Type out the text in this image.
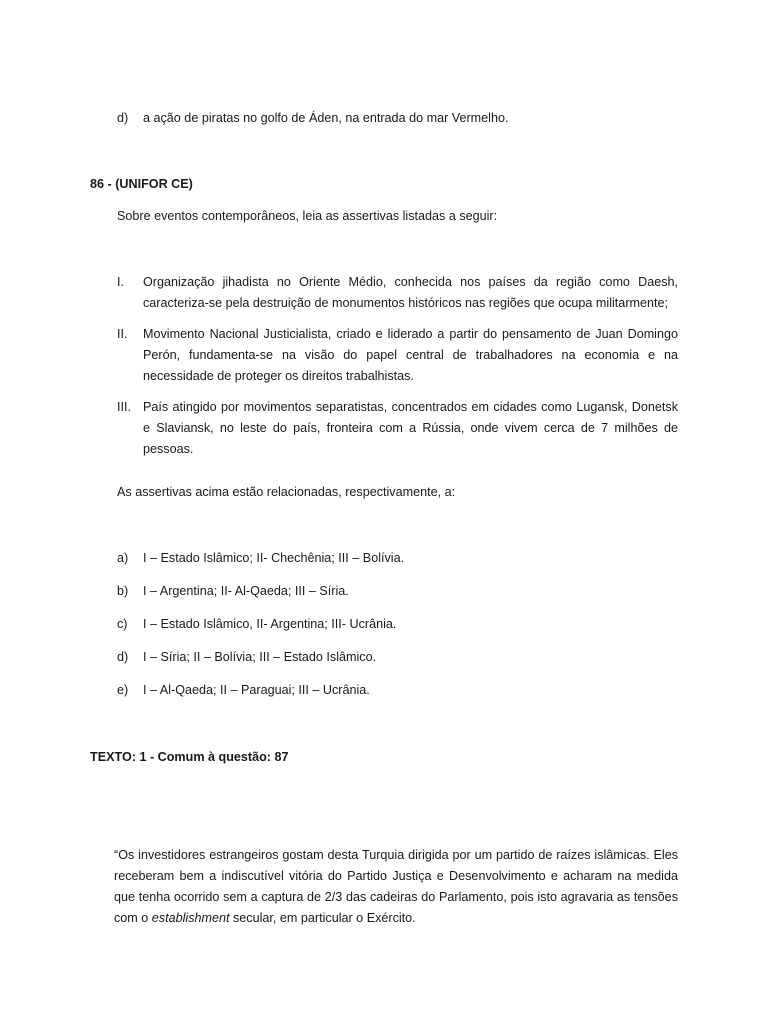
d) a ação de piratas no golfo de Áden, na entrada do mar Vermelho.
86 - (UNIFOR CE)
Sobre eventos contemporâneos, leia as assertivas listadas a seguir:
I. Organização jihadista no Oriente Médio, conhecida nos países da região como Daesh, caracteriza-se pela destruição de monumentos históricos nas regiões que ocupa militarmente;
II. Movimento Nacional Justicialista, criado e liderado a partir do pensamento de Juan Domingo Perón, fundamenta-se na visão do papel central de trabalhadores na economia e na necessidade de proteger os direitos trabalhistas.
III. País atingido por movimentos separatistas, concentrados em cidades como Lugansk, Donetsk e Slaviansk, no leste do país, fronteira com a Rússia, onde vivem cerca de 7 milhões de pessoas.
As assertivas acima estão relacionadas, respectivamente, a:
a) I – Estado Islâmico; II- Chechênia; III – Bolívia.
b) I – Argentina; II- Al-Qaeda; III – Síria.
c) I – Estado Islâmico, II- Argentina; III- Ucrânia.
d) I – Síria; II – Bolívia; III – Estado Islâmico.
e) I – Al-Qaeda; II – Paraguai; III – Ucrânia.
TEXTO: 1 - Comum à questão: 87
“Os investidores estrangeiros gostam desta Turquia dirigida por um partido de raízes islâmicas. Eles receberam bem a indiscutível vitória do Partido Justiça e Desenvolvimento e acharam na medida que tenha ocorrido sem a captura de 2/3 das cadeiras do Parlamento, pois isto agravaria as tensões com o establishment secular, em particular o Exército.
